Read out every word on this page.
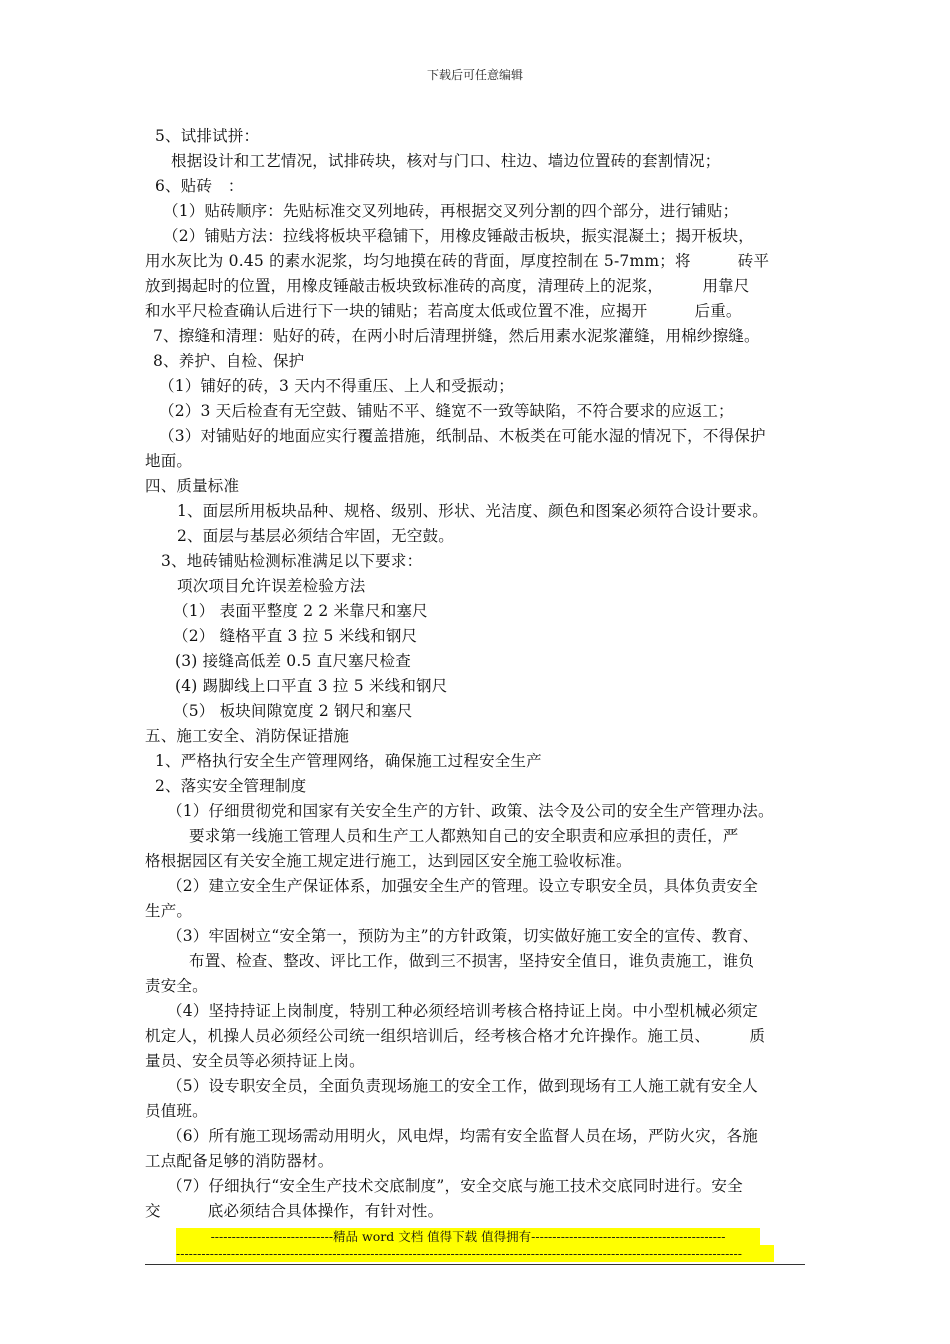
下载后可任意编辑
5、试排试拼：
根据设计和工艺情况，试排砖块，核对与门口、柱边、墙边位置砖的套割情况；
6、贴砖　：
（1）贴砖顺序：先贴标准交叉列地砖，再根据交叉列分割的四个部分，进行铺贴；
（2）铺贴方法：拉线将板块平稳铺下，用橡皮锤敲击板块，振实混凝土；揭开板块，
用水灰比为 0.45 的素水泥浆，均匀地摸在砖的背面，厚度控制在 5-7mm；将　　　砖平
放到揭起时的位置，用橡皮锤敲击板块致标准砖的高度，清理砖上的泥浆，　　　用靠尺
和水平尺检查确认后进行下一块的铺贴；若高度太低或位置不准，应揭开　　　后重。
7、擦缝和清理：贴好的砖，在两小时后清理拼缝，然后用素水泥浆灌缝，用棉纱擦缝。
8、养护、自检、保护
（1）铺好的砖，3 天内不得重压、上人和受振动；
（2）3 天后检查有无空鼓、铺贴不平、缝宽不一致等缺陷，不符合要求的应返工；
（3）对铺贴好的地面应实行覆盖措施，纸制品、木板类在可能水湿的情况下，不得保护
地面。
四、质量标准
1、面层所用板块品种、规格、级别、形状、光洁度、颜色和图案必须符合设计要求。
2、面层与基层必须结合牢固，无空鼓。
3、地砖铺贴检测标准满足以下要求：
项次项目允许误差检验方法
（1） 表面平整度 2 2 米靠尺和塞尺
（2） 缝格平直 3 拉 5 米线和钢尺
(3) 接缝高低差 0.5 直尺塞尺检查
(4) 踢脚线上口平直 3 拉 5 米线和钢尺
（5） 板块间隙宽度 2 钢尺和塞尺
五、施工安全、消防保证措施
1、严格执行安全生产管理网络，确保施工过程安全生产
2、落实安全管理制度
（1）仔细贯彻党和国家有关安全生产的方针、政策、法令及公司的安全生产管理办法。
要求第一线施工管理人员和生产工人都熟知自己的安全职责和应承担的责任，严
格根据园区有关安全施工规定进行施工，达到园区安全施工验收标准。
（2）建立安全生产保证体系，加强安全生产的管理。设立专职安全员，具体负责安全
生产。
（3）牢固树立“安全第一，预防为主”的方针政策，切实做好施工安全的宣传、教育、
布置、检查、整改、评比工作，做到三不损害，坚持安全值日，谁负责施工，谁负
责安全。
（4）坚持持证上岗制度，特别工种必须经培训考核合格持证上岗。中小型机械必须定
机定人，机操人员必须经公司统一组织培训后，经考核合格才允许操作。施工员、　　　质
量员、安全员等必须持证上岗。
（5）设专职安全员，全面负责现场施工的安全工作，做到现场有工人施工就有安全人
员值班。
（6）所有施工现场需动用明火，风电焊，均需有安全监督人员在场，严防火灾，各施
工点配备足够的消防器材。
（7）仔细执行“安全生产技术交底制度”，安全交底与施工技术交底同时进行。安全
交　　　底必须结合具体操作，有针对性。
-----------------------------精品 word 文档 值得下载 值得拥有----------------------------------------------
--------------------------------------------------------------------------------------------------------------------------------------
